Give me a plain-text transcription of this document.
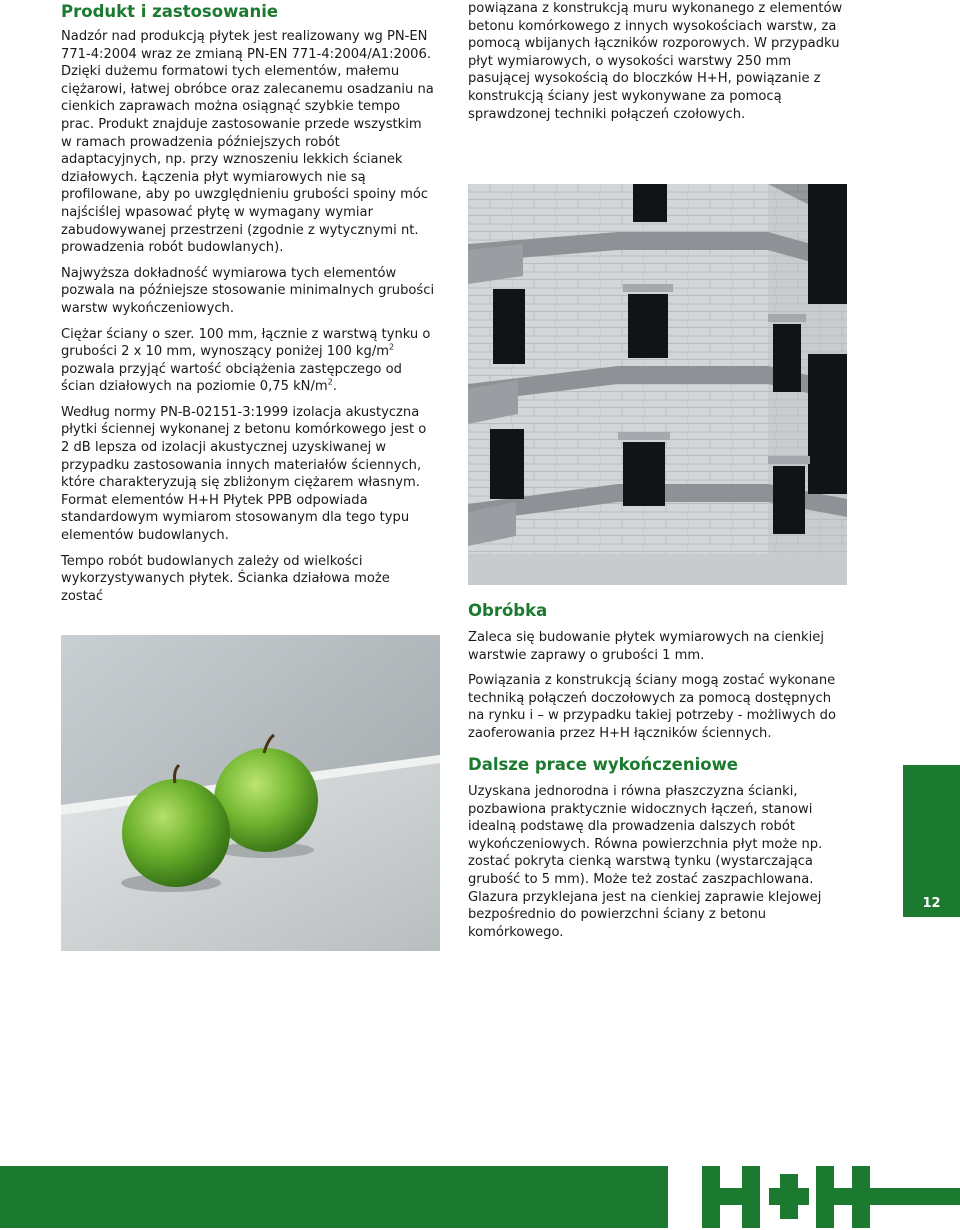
Produkt i zastosowanie

Nadzór nad produkcją płytek jest realizowany wg PN-EN 771-4:2004 wraz ze zmianą PN-EN 771-4:2004/A1:2006. Dzięki dużemu formatowi tych elementów, małemu ciężarowi, łatwej obróbce oraz zalecanemu osadzaniu na cienkich zaprawach można osiągnąć szybkie tempo prac. Produkt znajduje zastosowanie przede wszystkim w ramach prowadzenia późniejszych robót adaptacyjnych, np. przy wznoszeniu lekkich ścianek działowych. Łączenia płyt wymiarowych nie są profilowane, aby po uwzględnieniu grubości spoiny móc najściślej wpasować płytę w wymagany wymiar zabudowywanej przestrzeni (zgodnie z wytycznymi nt. prowadzenia robót budowlanych).

Najwyższa dokładność wymiarowa tych elementów pozwala na późniejsze stosowanie minimalnych grubości warstw wykończeniowych.

Ciężar ściany o szer. 100 mm, łącznie z warstwą tynku o grubości 2 x 10 mm, wynoszący poniżej 100 $kg/m^2$ pozwala przyjąć wartość obciążenia zastępczego od ścian działowych na poziomie 0,75 $kN/m^2$.

Według normy PN-B-02151-3:1999 izolacja akustyczna płytki ściennej wykonanej z betonu komórkowego jest o 2 dB lepsza od izolacji akustycznej uzyskiwanej w przypadku zastosowania innych materiałów ściennych, które charakteryzują się zbliżonym ciężarem własnym. Format elementów H+H Płytek PPB odpowiada standardowym wymiarom stosowanym dla tego typu elementów budowlanych.

Tempo robót budowlanych zależy od wielkości wykorzystywanych płytek. Ścianka działowa może zostać

powiązana z konstrukcją muru wykonanego z elementów betonu komórkowego z innych wysokościach warstw, za pomocą wbijanych łączników rozporowych. W przypadku płyt wymiarowych, o wysokości warstwy 250 mm pasującej wysokością do bloczków H+H, powiązanie z konstrukcją ściany jest wykonywane za pomocą sprawdzonej techniki połączeń czołowych.

Obróbka

Zaleca się budowanie płytek wymiarowych na cienkiej warstwie zaprawy o grubości 1 mm.

Powiązania z konstrukcją ściany mogą zostać wykonane techniką połączeń doczołowych za pomocą dostępnych na rynku i – w przypadku takiej potrzeby - możliwych do zaoferowania przez H+H łączników ściennych.

Dalsze prace wykończeniowe

Uzyskana jednorodna i równa płaszczyzna ścianki, pozbawiona praktycznie widocznych łączeń, stanowi idealną podstawę dla prowadzenia dalszych robót wykończeniowych. Równa powierzchnia płyt może np. zostać pokryta cienką warstwą tynku (wystarczająca grubość to 5 mm). Może też zostać zaszpachlowana. Glazura przyklejana jest na cienkiej zaprawie klejowej bezpośrednio do powierzchni ściany z betonu komórkowego.

12
